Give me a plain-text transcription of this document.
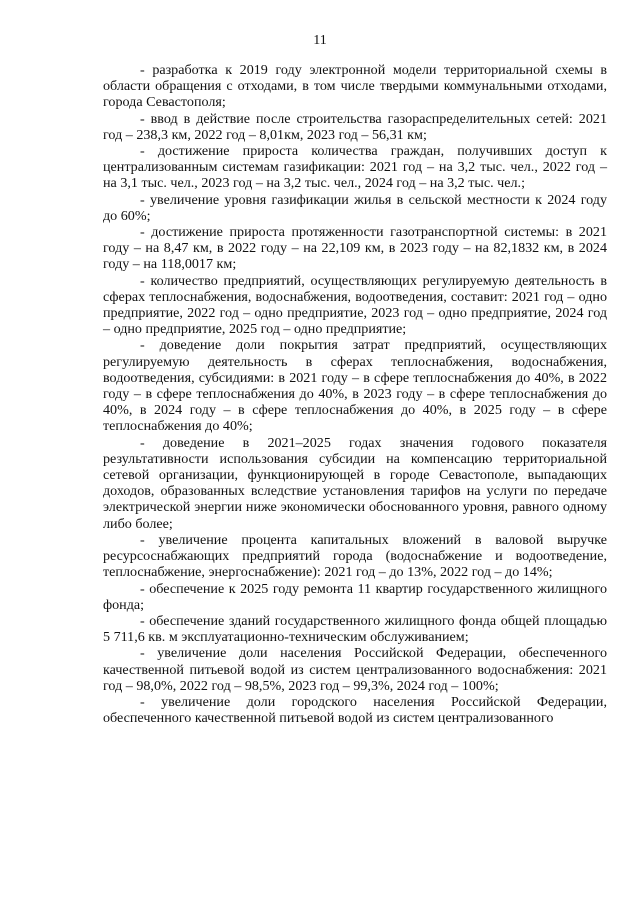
11

- разработка к 2019 году электронной модели территориальной схемы в области обращения с отходами, в том числе твердыми коммунальными отходами, города Севастополя;

- ввод в действие после строительства газораспределительных сетей: 2021 год – 238,3 км, 2022 год – 8,01км, 2023 год – 56,31 км;

- достижение прироста количества граждан, получивших доступ к централизованным системам газификации: 2021 год – на 3,2 тыс. чел., 2022 год – на 3,1 тыс. чел., 2023 год – на 3,2 тыс. чел., 2024 год – на 3,2 тыс. чел.;

- увеличение уровня газификации жилья в сельской местности к 2024 году до 60%;

- достижение прироста протяженности газотранспортной системы: в 2021 году – на 8,47 км, в 2022 году – на 22,109 км, в 2023 году – на 82,1832 км, в 2024 году – на 118,0017 км;

- количество предприятий, осуществляющих регулируемую деятельность в сферах теплоснабжения, водоснабжения, водоотведения, составит: 2021 год – одно предприятие, 2022 год – одно предприятие, 2023 год – одно предприятие, 2024 год – одно предприятие, 2025 год – одно предприятие;

- доведение доли покрытия затрат предприятий, осуществляющих регулируемую деятельность в сферах теплоснабжения, водоснабжения, водоотведения, субсидиями: в 2021 году – в сфере теплоснабжения до 40%, в 2022 году – в сфере теплоснабжения до 40%, в 2023 году – в сфере теплоснабжения до 40%, в 2024 году – в сфере теплоснабжения до 40%, в 2025 году – в сфере теплоснабжения до 40%;

- доведение в 2021–2025 годах значения годового показателя результативности использования субсидии на компенсацию территориальной сетевой организации, функционирующей в городе Севастополе, выпадающих доходов, образованных вследствие установления тарифов на услуги по передаче электрической энергии ниже экономически обоснованного уровня, равного одному либо более;

- увеличение процента капитальных вложений в валовой выручке ресурсоснабжающих предприятий города (водоснабжение и водоотведение, теплоснабжение, энергоснабжение): 2021 год – до 13%, 2022 год – до 14%;

- обеспечение к 2025 году ремонта 11 квартир государственного жилищного фонда;

- обеспечение зданий государственного жилищного фонда общей площадью 5 711,6 кв. м эксплуатационно-техническим обслуживанием;

- увеличение доли населения Российской Федерации, обеспеченного качественной питьевой водой из систем централизованного водоснабжения: 2021 год – 98,0%, 2022 год – 98,5%, 2023 год – 99,3%, 2024 год – 100%;

- увеличение доли городского населения Российской Федерации, обеспеченного качественной питьевой водой из систем централизованного
